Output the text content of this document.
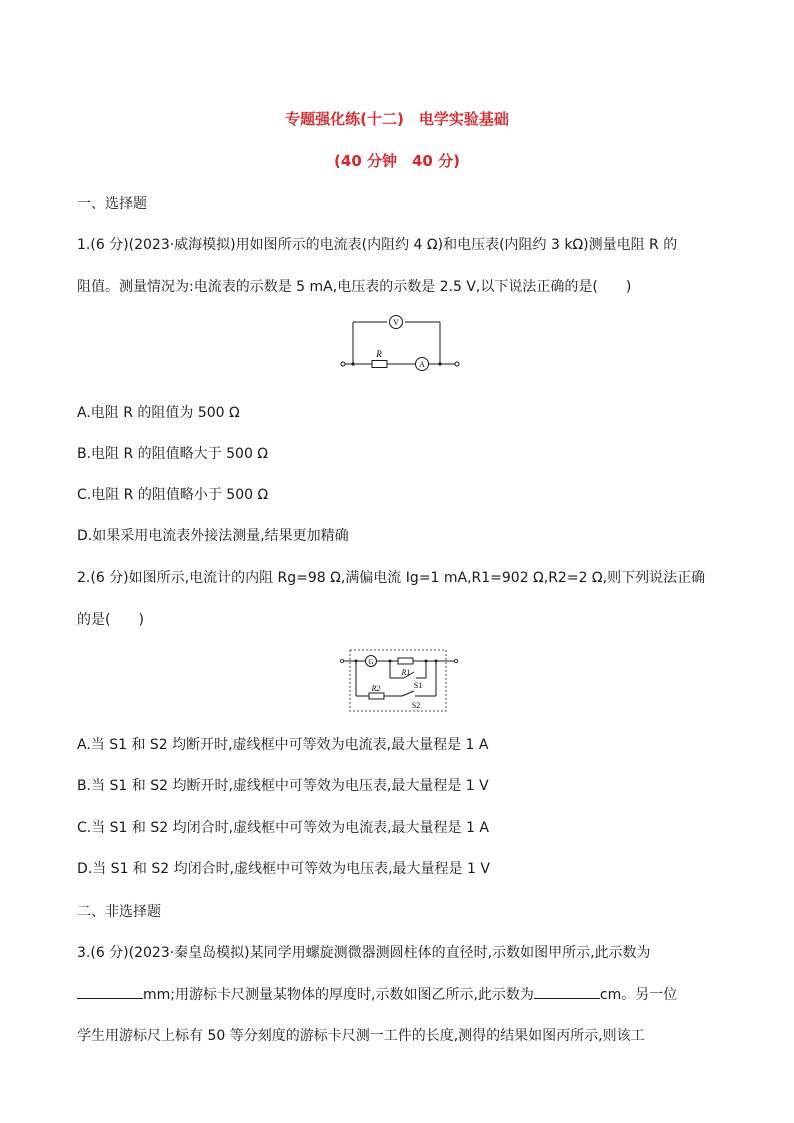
专题强化练(十二)　电学实验基础
(40 分钟　40 分)
一、选择题
1.(6 分)(2023·威海模拟)用如图所示的电流表(内阻约 4 Ω)和电压表(内阻约 3 kΩ)测量电阻 R 的
阻值。测量情况为:电流表的示数是 5 mA,电压表的示数是 2.5 V,以下说法正确的是(　　)
V
A
R
A.电阻 R 的阻值为 500 Ω
B.电阻 R 的阻值略大于 500 Ω
C.电阻 R 的阻值略小于 500 Ω
D.如果采用电流表外接法测量,结果更加精确
2.(6 分)如图所示,电流计的内阻 Rg=98 Ω,满偏电流 Ig=1 mA,R1=902 Ω,R2=2 Ω,则下列说法正确
的是(　　)
G
R1
R2	S1
S2
A.当 S1 和 S2 均断开时,虚线框中可等效为电流表,最大量程是 1 A
B.当 S1 和 S2 均断开时,虚线框中可等效为电压表,最大量程是 1 V
C.当 S1 和 S2 均闭合时,虚线框中可等效为电流表,最大量程是 1 A
D.当 S1 和 S2 均闭合时,虚线框中可等效为电压表,最大量程是 1 V
二、非选择题
3.(6 分)(2023·秦皇岛模拟)某同学用螺旋测微器测圆柱体的直径时,示数如图甲所示,此示数为
mm;用游标卡尺测量某物体的厚度时,示数如图乙所示,此示数为	cm。另一位
学生用游标尺上标有 50 等分刻度的游标卡尺测一工件的长度,测得的结果如图丙所示,则该工
